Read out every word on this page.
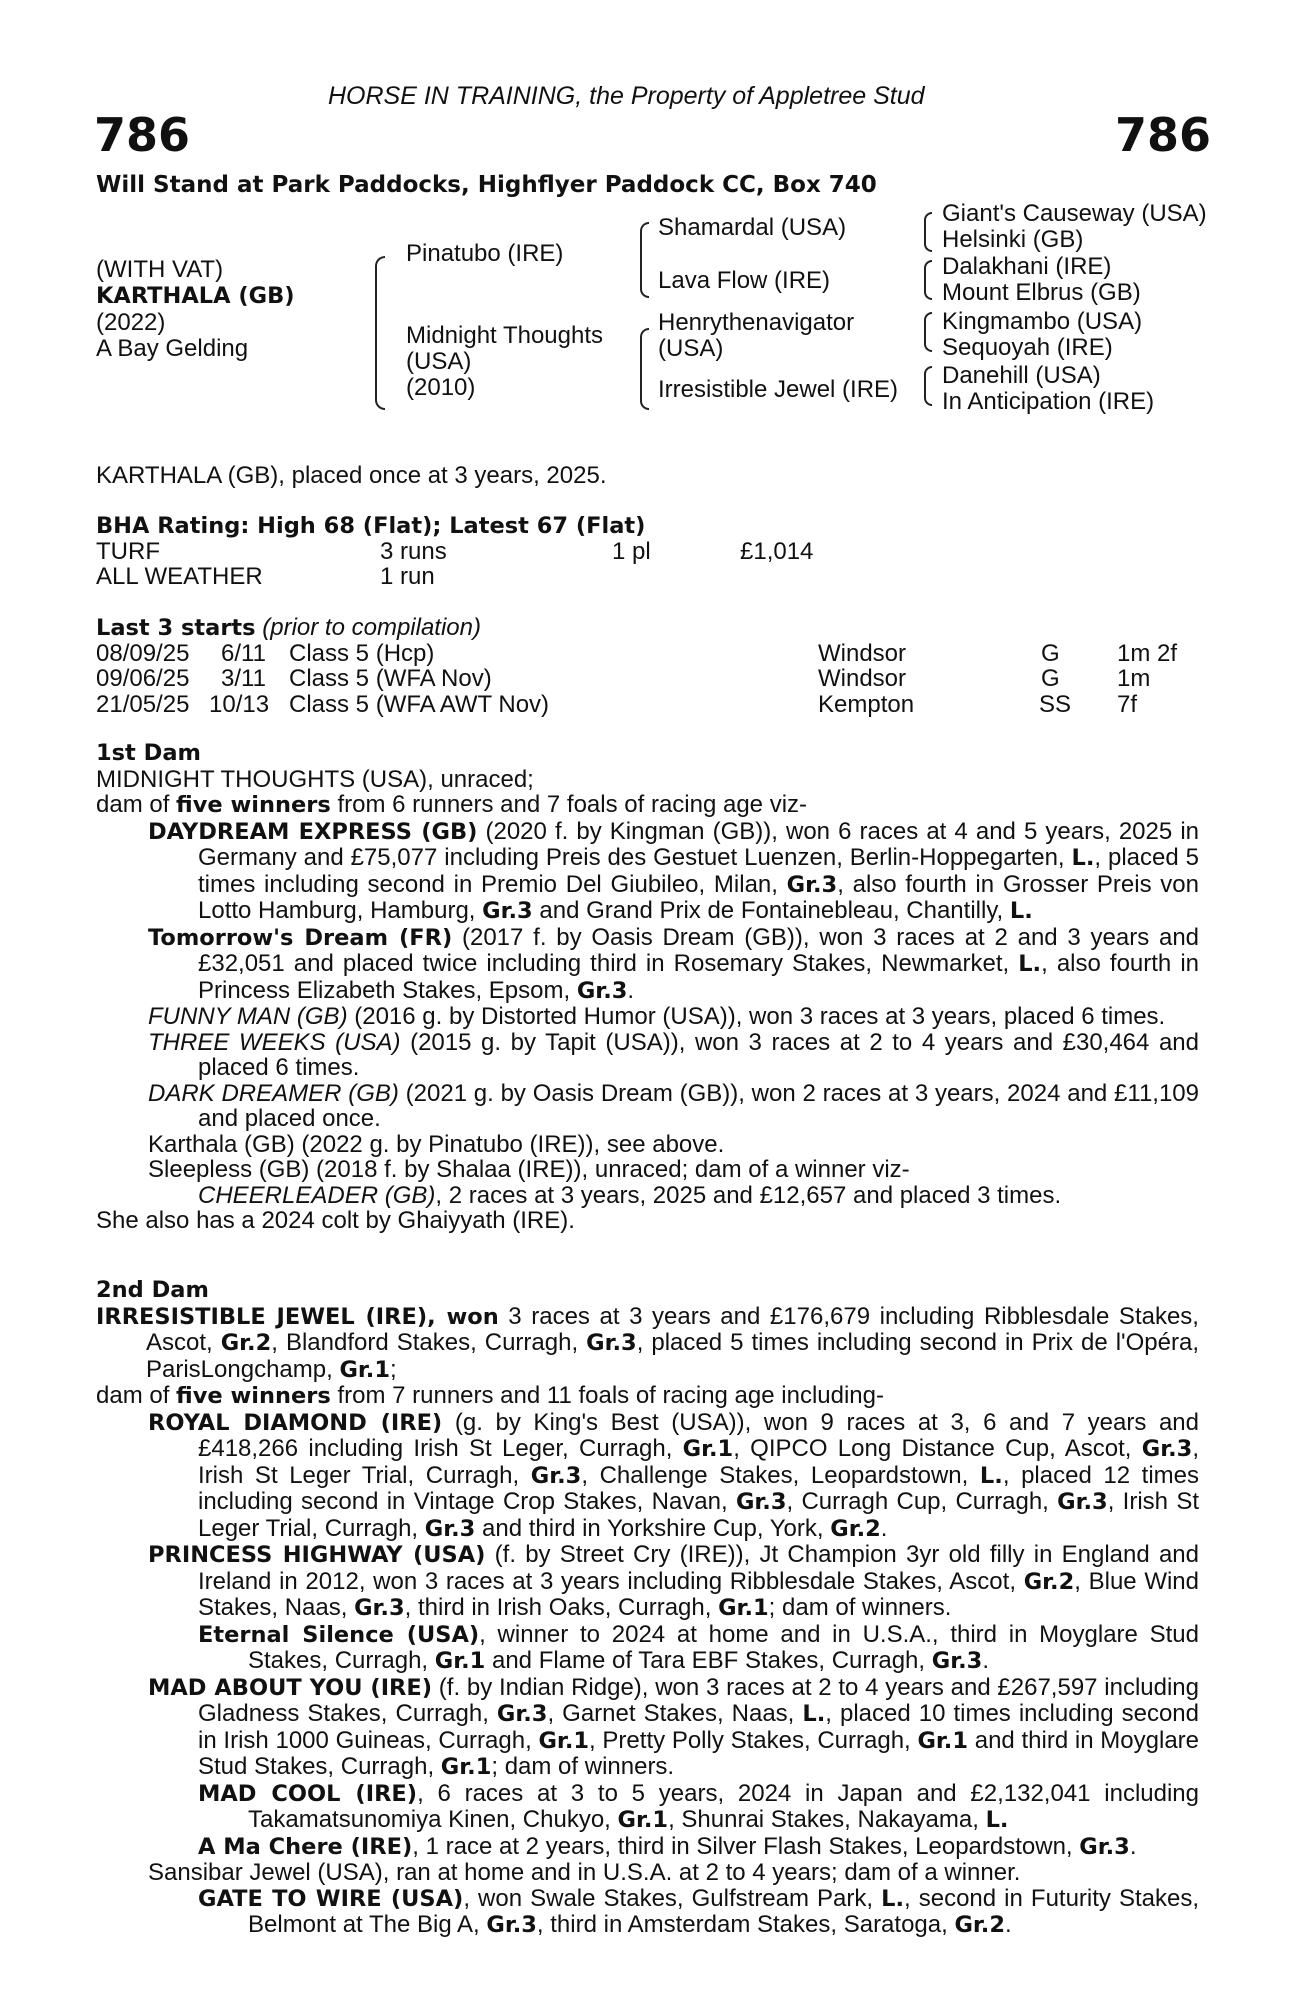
HORSE IN TRAINING, the Property of Appletree Stud
786	786
Will Stand at Park Paddocks, Highflyer Paddock CC, Box 740
(WITH VAT)
KARTHALA (GB)
(2022)
A Bay Gelding
Pinatubo (IRE)
Midnight Thoughts
(USA)
(2010)
Shamardal (USA)
Lava Flow (IRE)
Henrythenavigator
(USA)
Irresistible Jewel (IRE)
Giant's Causeway (USA)
Helsinki (GB)
Dalakhani (IRE)
Mount Elbrus (GB)
Kingmambo (USA)
Sequoyah (IRE)
Danehill (USA)
In Anticipation (IRE)
KARTHALA (GB), placed once at 3 years, 2025.
BHA Rating: High 68 (Flat); Latest 67 (Flat)
TURF	3 runs	1 pl	£1,014
ALL WEATHER	1 run
Last 3 starts (prior to compilation)
08/09/25 6/11 Class 5 (Hcp)	Windsor	G 1m 2f
09/06/25 3/11 Class 5 (WFA Nov)	Windsor	G 1m
21/05/25 10/13 Class 5 (WFA AWT Nov)	Kempton	SS 7f
1st Dam
MIDNIGHT THOUGHTS (USA), unraced;
dam of five winners from 6 runners and 7 foals of racing age viz-
DAYDREAM EXPRESS (GB) (2020 f. by Kingman (GB)), won 6 races at 4 and 5 years, 2025 in Germany and £75,077 including Preis des Gestuet Luenzen, Berlin-Hoppegarten, L., placed 5 times including second in Premio Del Giubileo, Milan, Gr.3, also fourth in Grosser Preis von Lotto Hamburg, Hamburg, Gr.3 and Grand Prix de Fontainebleau, Chantilly, L.
Tomorrow's Dream (FR) (2017 f. by Oasis Dream (GB)), won 3 races at 2 and 3 years and £32,051 and placed twice including third in Rosemary Stakes, Newmarket, L., also fourth in Princess Elizabeth Stakes, Epsom, Gr.3.
FUNNY MAN (GB) (2016 g. by Distorted Humor (USA)), won 3 races at 3 years, placed 6 times.
THREE WEEKS (USA) (2015 g. by Tapit (USA)), won 3 races at 2 to 4 years and £30,464 and placed 6 times.
DARK DREAMER (GB) (2021 g. by Oasis Dream (GB)), won 2 races at 3 years, 2024 and £11,109 and placed once.
Karthala (GB) (2022 g. by Pinatubo (IRE)), see above.
Sleepless (GB) (2018 f. by Shalaa (IRE)), unraced; dam of a winner viz-
CHEERLEADER (GB), 2 races at 3 years, 2025 and £12,657 and placed 3 times.
She also has a 2024 colt by Ghaiyyath (IRE).
2nd Dam
IRRESISTIBLE JEWEL (IRE), won 3 races at 3 years and £176,679 including Ribblesdale Stakes, Ascot, Gr.2, Blandford Stakes, Curragh, Gr.3, placed 5 times including second in Prix de l'Opéra, ParisLongchamp, Gr.1;
dam of five winners from 7 runners and 11 foals of racing age including-
ROYAL DIAMOND (IRE) (g. by King's Best (USA)), won 9 races at 3, 6 and 7 years and £418,266 including Irish St Leger, Curragh, Gr.1, QIPCO Long Distance Cup, Ascot, Gr.3, Irish St Leger Trial, Curragh, Gr.3, Challenge Stakes, Leopardstown, L., placed 12 times including second in Vintage Crop Stakes, Navan, Gr.3, Curragh Cup, Curragh, Gr.3, Irish St Leger Trial, Curragh, Gr.3 and third in Yorkshire Cup, York, Gr.2.
PRINCESS HIGHWAY (USA) (f. by Street Cry (IRE)), Jt Champion 3yr old filly in England and Ireland in 2012, won 3 races at 3 years including Ribblesdale Stakes, Ascot, Gr.2, Blue Wind Stakes, Naas, Gr.3, third in Irish Oaks, Curragh, Gr.1; dam of winners.
Eternal Silence (USA), winner to 2024 at home and in U.S.A., third in Moyglare Stud Stakes, Curragh, Gr.1 and Flame of Tara EBF Stakes, Curragh, Gr.3.
MAD ABOUT YOU (IRE) (f. by Indian Ridge), won 3 races at 2 to 4 years and £267,597 including Gladness Stakes, Curragh, Gr.3, Garnet Stakes, Naas, L., placed 10 times including second in Irish 1000 Guineas, Curragh, Gr.1, Pretty Polly Stakes, Curragh, Gr.1 and third in Moyglare Stud Stakes, Curragh, Gr.1; dam of winners.
MAD COOL (IRE), 6 races at 3 to 5 years, 2024 in Japan and £2,132,041 including Takamatsunomiya Kinen, Chukyo, Gr.1, Shunrai Stakes, Nakayama, L.
A Ma Chere (IRE), 1 race at 2 years, third in Silver Flash Stakes, Leopardstown, Gr.3.
Sansibar Jewel (USA), ran at home and in U.S.A. at 2 to 4 years; dam of a winner.
GATE TO WIRE (USA), won Swale Stakes, Gulfstream Park, L., second in Futurity Stakes, Belmont at The Big A, Gr.3, third in Amsterdam Stakes, Saratoga, Gr.2.
